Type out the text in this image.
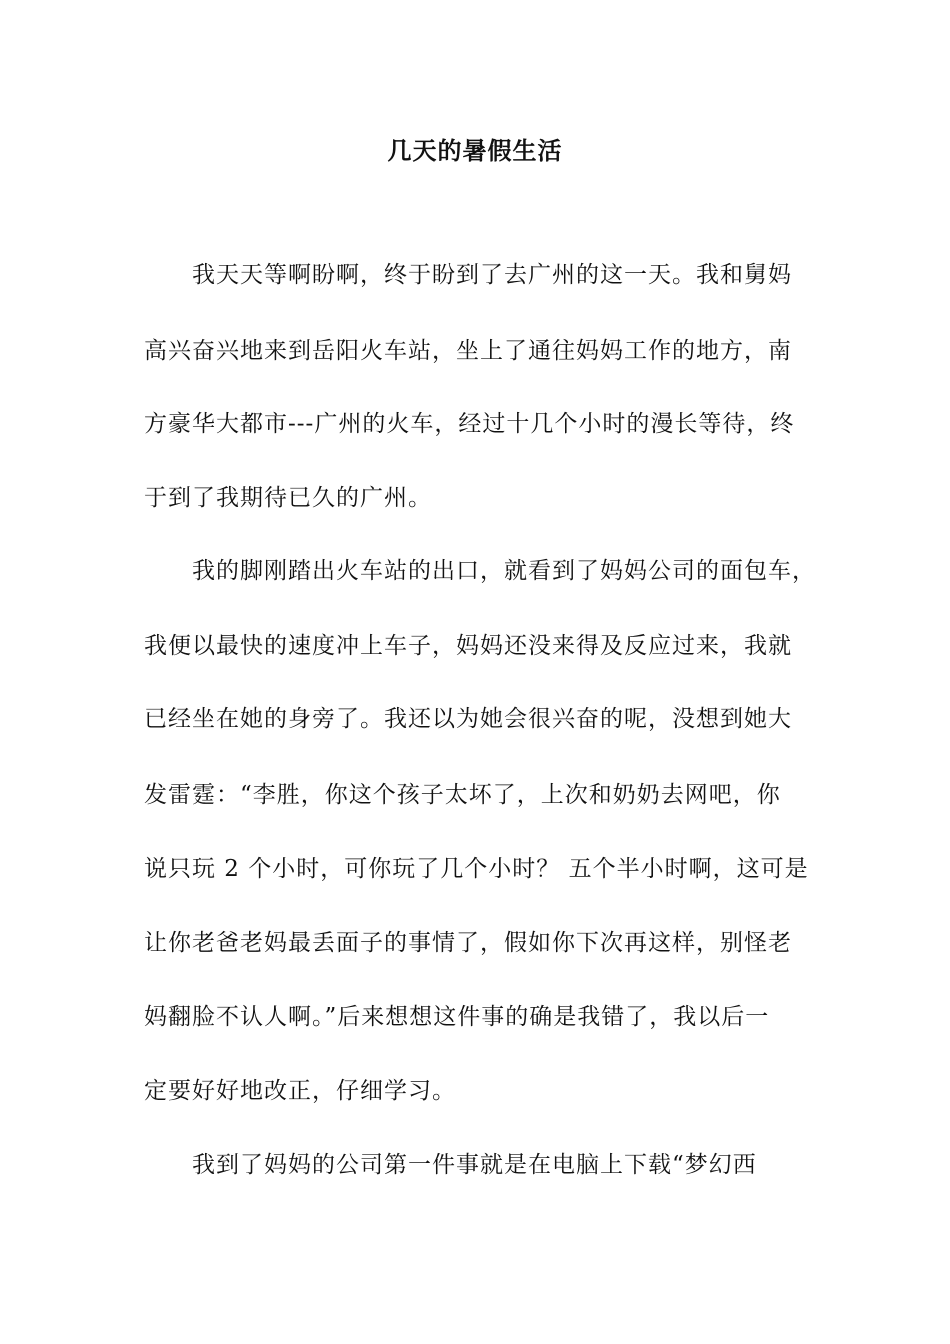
几天的暑假生活
我天天等啊盼啊，终于盼到了去广州的这一天。我和舅妈
高兴奋兴地来到岳阳火车站，坐上了通往妈妈工作的地方，南
方豪华大都市---广州的火车，经过十几个小时的漫长等待，终
于到了我期待已久的广州。
我的脚刚踏出火车站的出口，就看到了妈妈公司的面包车，
我便以最快的速度冲上车子，妈妈还没来得及反应过来，我就
已经坐在她的身旁了。我还以为她会很兴奋的呢，没想到她大
发雷霆：“李胜，你这个孩子太坏了，上次和奶奶去网吧，你
说只玩 2 个小时，可你玩了几个小时？ 五个半小时啊，这可是
让你老爸老妈最丢面子的事情了，假如你下次再这样，别怪老
妈翻脸不认人啊。”后来想想这件事的确是我错了，我以后一
定要好好地改正，仔细学习。
我到了妈妈的公司第一件事就是在电脑上下载“梦幻西
